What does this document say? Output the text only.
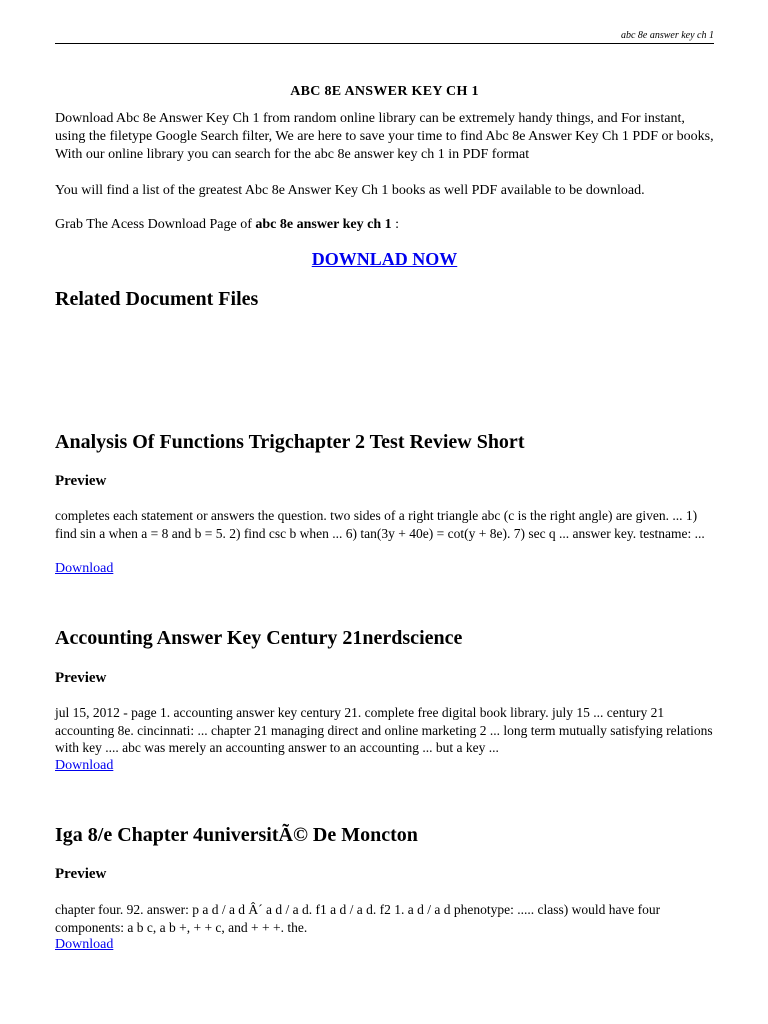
abc 8e answer key ch 1
ABC 8E ANSWER KEY CH 1

Download Abc 8e Answer Key Ch 1 from random online library can be extremely handy things, and For instant, using the filetype Google Search filter, We are here to save your time to find Abc 8e Answer Key Ch 1 PDF or books, With our online library you can search for the abc 8e answer key ch 1 in PDF format

You will find a list of the greatest Abc 8e Answer Key Ch 1 books as well PDF available to be download.

Grab The Acess Download Page of abc 8e answer key ch 1 :

DOWNLAD NOW
Related Document Files
Analysis Of Functions Trigchapter 2 Test Review Short
Preview

completes each statement or answers the question. two sides of a right triangle abc (c is the right angle) are given. ... 1) find sin a when a = 8 and b = 5. 2) find csc b when ... 6) tan(3y + 40e) = cot(y + 8e). 7) sec q ... answer key. testname: ...

Download
Accounting Answer Key Century 21nerdscience
Preview

jul 15, 2012 - page 1. accounting answer key century 21. complete free digital book library. july 15 ... century 21 accounting 8e. cincinnati: ... chapter 21 managing direct and online marketing 2 ... long term mutually satisfying relations with key .... abc was merely an accounting answer to an accounting ... but a key ...

Download
Iga 8/e Chapter 4universitÃ© De Moncton
Preview

chapter four. 92. answer: p a d / a d Â´ a d / a d. f1 a d / a d. f2 1. a d / a d phenotype: ..... class) would have four components: a b c, a b +, + + c, and + + +. the.

Download
